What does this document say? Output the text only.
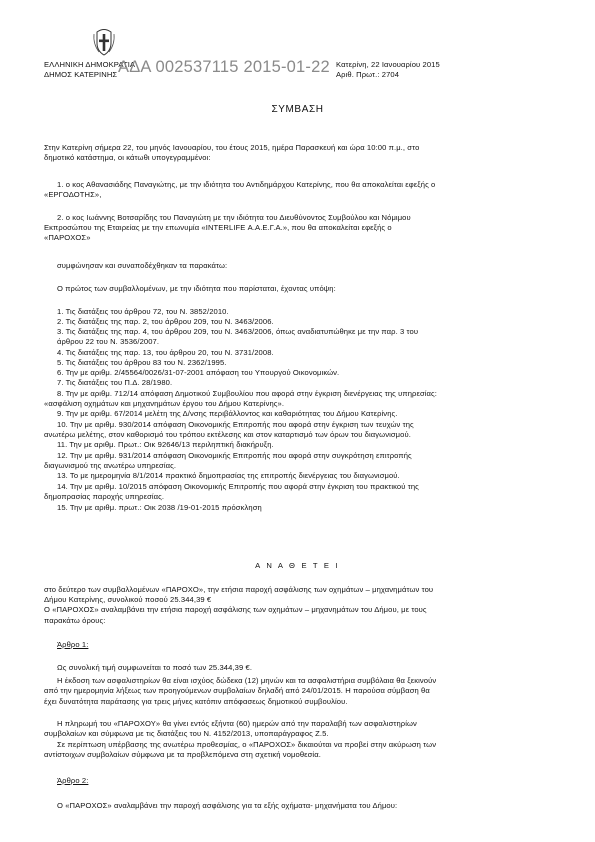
ΕΛΛΗΝΙΚΗ ΔΗΜΟΚΡΑΤΙΑ
ΔΗΜΟΣ ΚΑΤΕΡΙΝΗΣ ΑΔΑ 002537115 2015-01-22 Κατερίνη, 22 Ιανουαρίου 2015
Αριθ. Πρωτ.: 2704
ΣΥΜΒΑΣΗ
Στην Κατερίνη σήμερα 22, του μηνός Ιανουαρίου, του έτους 2015, ημέρα Παρασκευή και ώρα 10:00 π.μ., στο
δημοτικό κατάστημα, οι κάτωθι υπογεγραμμένοι:
1. ο κος Αθανασιάδης Παναγιώτης, με την ιδιότητα του Αντιδημάρχου Κατερίνης, που θα αποκαλείται εφεξής ο
«ΕΡΓΟΔΟΤΗΣ»,
2. ο κος Ιωάννης Βοτσαρίδης του Παναγιώτη με την ιδιότητα του Διευθύνοντος Συμβούλου και Νόμιμου
Εκπροσώπου της Εταιρείας με την επωνυμία «INTERLIFE Α.Α.Ε.Γ.Α.», που θα αποκαλείται εφεξής ο
«ΠΑΡΟΧΟΣ»
συμφώνησαν και συναποδέχθηκαν τα παρακάτω:
Ο πρώτος των συμβαλλομένων, με την ιδιότητα που παρίσταται, έχοντας υπόψη:
1. Τις διατάξεις του άρθρου 72, του Ν. 3852/2010.
2. Τις διατάξεις της παρ. 2, του άρθρου 209, του Ν. 3463/2006.
3. Τις διατάξεις της παρ. 4, του άρθρου 209, του Ν. 3463/2006, όπως αναδιατυπώθηκε με την παρ. 3 του
άρθρου 22 του Ν. 3536/2007.
4. Τις διατάξεις της παρ. 13, του άρθρου 20, του Ν. 3731/2008.
5. Τις διατάξεις του άρθρου 83 του Ν. 2362/1995.
6. Την με αριθμ. 2/45564/0026/31-07-2001 απόφαση του Υπουργού Οικονομικών.
7. Τις διατάξεις του Π.Δ. 28/1980.
8. Την με αριθμ. 712/14 απόφαση Δημοτικού Συμβουλίου που αφορά στην έγκριση διενέργειας της υπηρεσίας:
«ασφάλιση οχημάτων και μηχανημάτων έργου του Δήμου Κατερίνης».
9. Την με αριθμ. 67/2014 μελέτη της Δ/νσης περιβάλλοντος και καθαριότητας του Δήμου Κατερίνης.
10. Την με αριθμ. 930/2014 απόφαση Οικονομικής Επιτροπής που αφορά στην έγκριση των τευχών της
ανωτέρω μελέτης, στον καθορισμό του τρόπου εκτέλεσης και στον καταρτισμό των όρων του διαγωνισμού.
11. Την με αριθμ. Πρωτ.: Οικ 92646/13 περιληπτική διακήρυξη.
12. Την με αριθμ. 931/2014 απόφαση Οικονομικής Επιτροπής που αφορά στην συγκρότηση επιτροπής
διαγωνισμού της ανωτέρω υπηρεσίας.
13. Το με ημερομηνία 8/1/2014 πρακτικό δημοπρασίας της επιτροπής διενέργειας του διαγωνισμού.
14. Την με αριθμ. 10/2015 απόφαση Οικονομικής Επιτροπής που αφορά στην έγκριση του πρακτικού της
δημοπρασίας παροχής υπηρεσίας.
15. Την με αριθμ. πρωτ.: Οικ 2038 /19-01-2015 πρόσκληση
Α Ν Α Θ Ε Τ Ε Ι
στο δεύτερο των συμβαλλομένων «ΠΑΡΟΧΟ», την ετήσια παροχή ασφάλισης των οχημάτων – μηχανημάτων του
Δήμου Κατερίνης, συνολικού ποσού 25.344,39 €
Ο «ΠΑΡΟΧΟΣ» αναλαμβάνει την ετήσια παροχή ασφάλισης των οχημάτων – μηχανημάτων του Δήμου, με τους
παρακάτω όρους:
Άρθρο 1:
Ως συνολική τιμή συμφωνείται το ποσό των 25.344,39 €.
Η έκδοση των ασφαλιστηρίων θα είναι ισχύος δώδεκα (12) μηνών και τα ασφαλιστήρια συμβόλαια θα ξεκινούν
από την ημερομηνία λήξεως των προηγούμενων συμβολαίων δηλαδή από 24/01/2015. Η παρούσα σύμβαση θα
έχει δυνατότητα παράτασης για τρεις μήνες κατόπιν απόφασεως δημοτικού συμβουλίου.
Η πληρωμή του «ΠΑΡΟΧΟΥ» θα γίνει εντός εξήντα (60) ημερών από την παραλαβή των ασφαλιστηρίων
συμβολαίων και σύμφωνα με τις διατάξεις του Ν. 4152/2013, υποπαράγραφος Ζ.5.
Σε περίπτωση υπέρβασης της ανωτέρω προθεσμίας, ο «ΠΑΡΟΧΟΣ» δικαιούται να προβεί στην ακύρωση των
αντίστοιχων συμβολαίων σύμφωνα με τα προβλεπόμενα στη σχετική νομοθεσία.
Άρθρο 2:
Ο «ΠΑΡΟΧΟΣ» αναλαμβάνει την παροχή ασφάλισης για τα εξής οχήματα- μηχανήματα του Δήμου:
